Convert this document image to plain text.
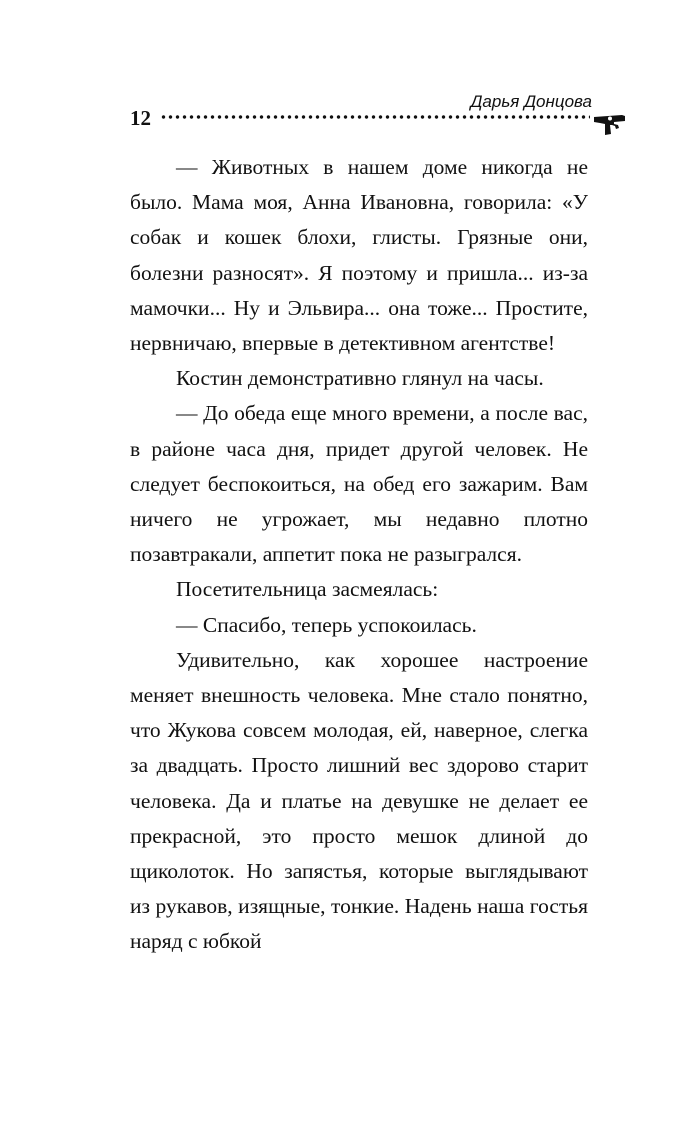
12
Дарья Донцова

— Животных в нашем доме никогда не было. Мама моя, Анна Ивановна, говорила: «У собак и кошек блохи, глисты. Грязные они, болезни разносят». Я поэтому и пришла... из-за мамочки... Ну и Эльвира... она тоже... Простите, нервничаю, впервые в детективном агентстве!

Костин демонстративно глянул на часы.

— До обеда еще много времени, а после вас, в районе часа дня, придет другой человек. Не следует беспокоиться, на обед его зажарим. Вам ничего не угрожает, мы недавно плотно позавтракали, аппетит пока не разыгрался.

Посетительница засмеялась:

— Спасибо, теперь успокоилась.

Удивительно, как хорошее настроение меняет внешность человека. Мне стало понятно, что Жукова совсем молодая, ей, наверное, слегка за двадцать. Просто лишний вес здорово старит человека. Да и платье на девушке не делает ее прекрасной, это просто мешок длиной до щиколоток. Но запястья, которые выглядывают из рукавов, изящные, тонкие. Надень наша гостья наряд с юбкой
